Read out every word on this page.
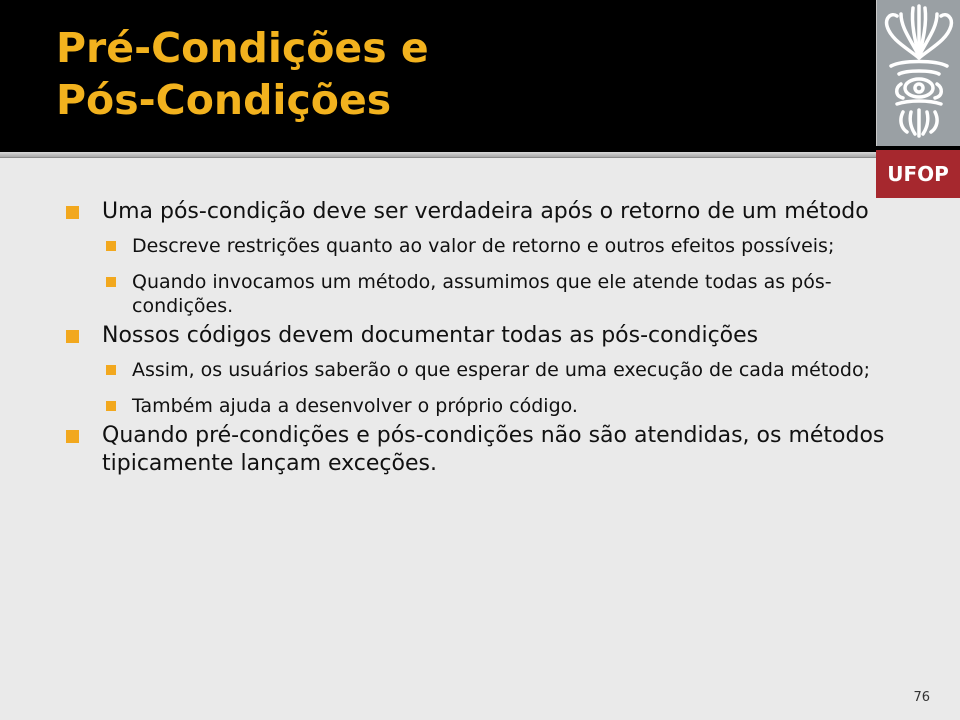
Pré-Condições e
Pós-Condições
UFOP
Uma pós-condição deve ser verdadeira após o retorno de um método
Descreve restrições quanto ao valor de retorno e outros efeitos possíveis;
Quando invocamos um método, assumimos que ele atende todas as pós-condições.
Nossos códigos devem documentar todas as pós-condições
Assim, os usuários saberão o que esperar de uma execução de cada método;
Também ajuda a desenvolver o próprio código.
Quando pré-condições e pós-condições não são atendidas, os métodos tipicamente lançam exceções.
76
